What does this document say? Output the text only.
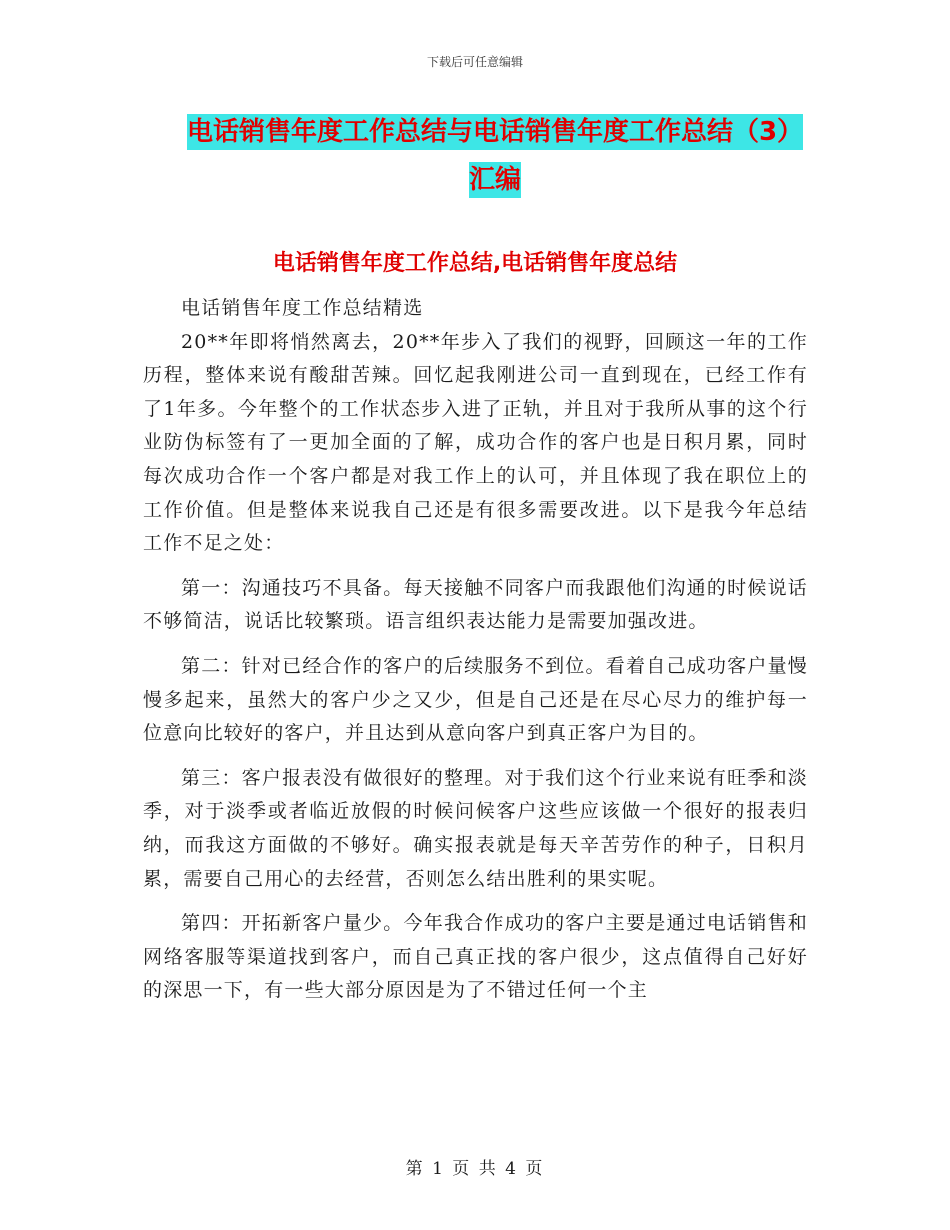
下载后可任意编辑
电话销售年度工作总结与电话销售年度工作总结（3）
汇编
电话销售年度工作总结,电话销售年度总结

电话销售年度工作总结精选

20**年即将悄然离去，20**年步入了我们的视野，回顾这一年的工作历程，整体来说有酸甜苦辣。回忆起我刚进公司一直到现在，已经工作有了1年多。今年整个的工作状态步入进了正轨，并且对于我所从事的这个行业防伪标签有了一更加全面的了解，成功合作的客户也是日积月累，同时每次成功合作一个客户都是对我工作上的认可，并且体现了我在职位上的工作价值。但是整体来说我自己还是有很多需要改进。以下是我今年总结工作不足之处：

第一：沟通技巧不具备。每天接触不同客户而我跟他们沟通的时候说话不够简洁，说话比较繁琐。语言组织表达能力是需要加强改进。

第二：针对已经合作的客户的后续服务不到位。看着自己成功客户量慢慢多起来，虽然大的客户少之又少，但是自己还是在尽心尽力的维护每一位意向比较好的客户，并且达到从意向客户到真正客户为目的。

第三：客户报表没有做很好的整理。对于我们这个行业来说有旺季和淡季，对于淡季或者临近放假的时候问候客户这些应该做一个很好的报表归纳，而我这方面做的不够好。确实报表就是每天辛苦劳作的种子，日积月累，需要自己用心的去经营，否则怎么结出胜利的果实呢。

第四：开拓新客户量少。今年我合作成功的客户主要是通过电话销售和网络客服等渠道找到客户，而自己真正找的客户很少，这点值得自己好好的深思一下，有一些大部分原因是为了不错过任何一个主

第 1 页 共 4 页
